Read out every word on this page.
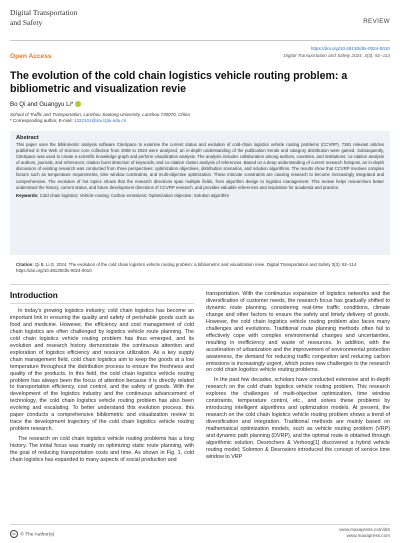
Digital Transportation
and Safety	REVIEW
Open Access
https://doi.org/10.48130/dts-0024-0010
Digital Transportation and Safety 2024, 3(3): 92−114
The evolution of the cold chain logistics vehicle routing problem: a bibliometric and visualization revie
Bo Qi and Guangyu Li*
School of Traffic and Transportation, Lanzhou Jiaotong University, Lanzhou 730070, China
* Corresponding author, E-mail: 1322101@stu.lzjtu.edu.cn
Abstract
This paper uses the bibliometric analysis software CiteSpace to examine the current status and evolution of cold-chain logistics vehicle routing problems (CCVRP). 7381 relevant articles published in the Web of Science core collection from 2008 to 2024 were analyzed, an in-depth understanding of the publication trends and category distribution were gained. Subsequently, CiteSpace was used to create a scientific knowledge graph and perform visualization analysis. The analysis includes collaboration among authors, countries, and institutions; co-citation analysis of authors, journals, and references; citation burst detection of keywords; and co-citation cluster analysis of references. Based on a deep understanding of current research hotspots, an in-depth discussion of existing research was conducted from three perspectives: optimization objectives, distribution scenarios, and solution algorithms. The results show that CCVRP involves complex factors such as temperature requirements, time window constraints, and multi-objective optimization. These intricate constraints are causing research to become increasingly integrated and comprehensive. The evolution of hot topics shows that the research directions span multiple fields, from algorithm design to logistics management. This review helps researchers better understand the history, current status, and future development directions of CCVRP research, and provides valuable references and inspiration for academia and practice.
Keywords: Cold chain logistics; Vehicle routing; Carbon emissions; Optimization objective; Solution algorithm
Citation: Qi B, Li G. 2024. The evolution of the cold chain logistics vehicle routing problem: a bibliometric and visualization revie. Digital Transportation and Safety 3(3): 92−114 https://doi.org/10.48130/dts-0024-0010
Introduction

In today's growing logistics industry, cold chain logistics has become an important link in ensuring the quality and safety of perishable goods such as food and medicine. However, the efficiency and cost management of cold chain logistics are often challenged by logistics vehicle route planning. The cold chain logistics vehicle routing problem has thus emerged, and its evolution and research history demonstrate the continuous attention and exploration of logistics efficiency and resource utilization. As a key supply chain management field, cold chain logistics aim to keep the goods at a low temperature throughout the distribution process to ensure the freshness and quality of the products. In this field, the cold chain logistics vehicle routing problem has always been the focus of attention because it is directly related to transportation efficiency, cost control, and the safety of goods. With the development of the logistics industry and the continuous advancement of technology, the cold chain logistics vehicle routing problem has also been evolving and escalating. To better understand this evolution process, this paper conducts a comprehensive bibliometric and visualization review to trace the development trajectory of the cold chain logistics vehicle routing problem research.

The research on cold chain logistics vehicle routing problems has a long history. The initial focus was mainly on optimizing static route planning, with the goal of reducing transportation costs and time. As shown in Fig. 1, cold chain logistics has expanded to many aspects of social production and

transportation. With the continuous expansion of logistics networks and the diversification of customer needs, the research focus has gradually shifted to dynamic route planning, considering real-time traffic conditions, climate change and other factors to ensure the safety and timely delivery of goods. However, the cold chain logistics vehicle routing problem also faces many challenges and evolutions. Traditional route planning methods often fail to effectively cope with complex environmental changes and uncertainties, resulting in inefficiency and waste of resources. In addition, with the acceleration of urbanization and the improvement of environmental protection awareness, the demand for reducing traffic congestion and reducing carbon emissions is increasingly urgent, which poses new challenges to the research on cold chain logistics vehicle routing problems.

In the past few decades, scholars have conducted extensive and in-depth research on the cold chain logistics vehicle routing problem. This research explores the challenges of multi-objective optimization, time window constraints, temperature control, etc., and solves these problems by introducing intelligent algorithms and optimization models. At present, the research on the cold chain logistics vehicle routing problem shows a trend of diversification and integration. Traditional methods are mainly based on mathematical optimization models, such as vehicle routing problem (VRP) and dynamic path planning (DVRP), and the optimal route is obtained through algorithmic solution. Desrochers & Verhoog[1] discovered a hybrid vehicle routing model; Solomon & Desrosiers introduced the concept of service time window to VRP

cc © The Author(s)
www.maxapress.com/dts
www.maxapress.com
